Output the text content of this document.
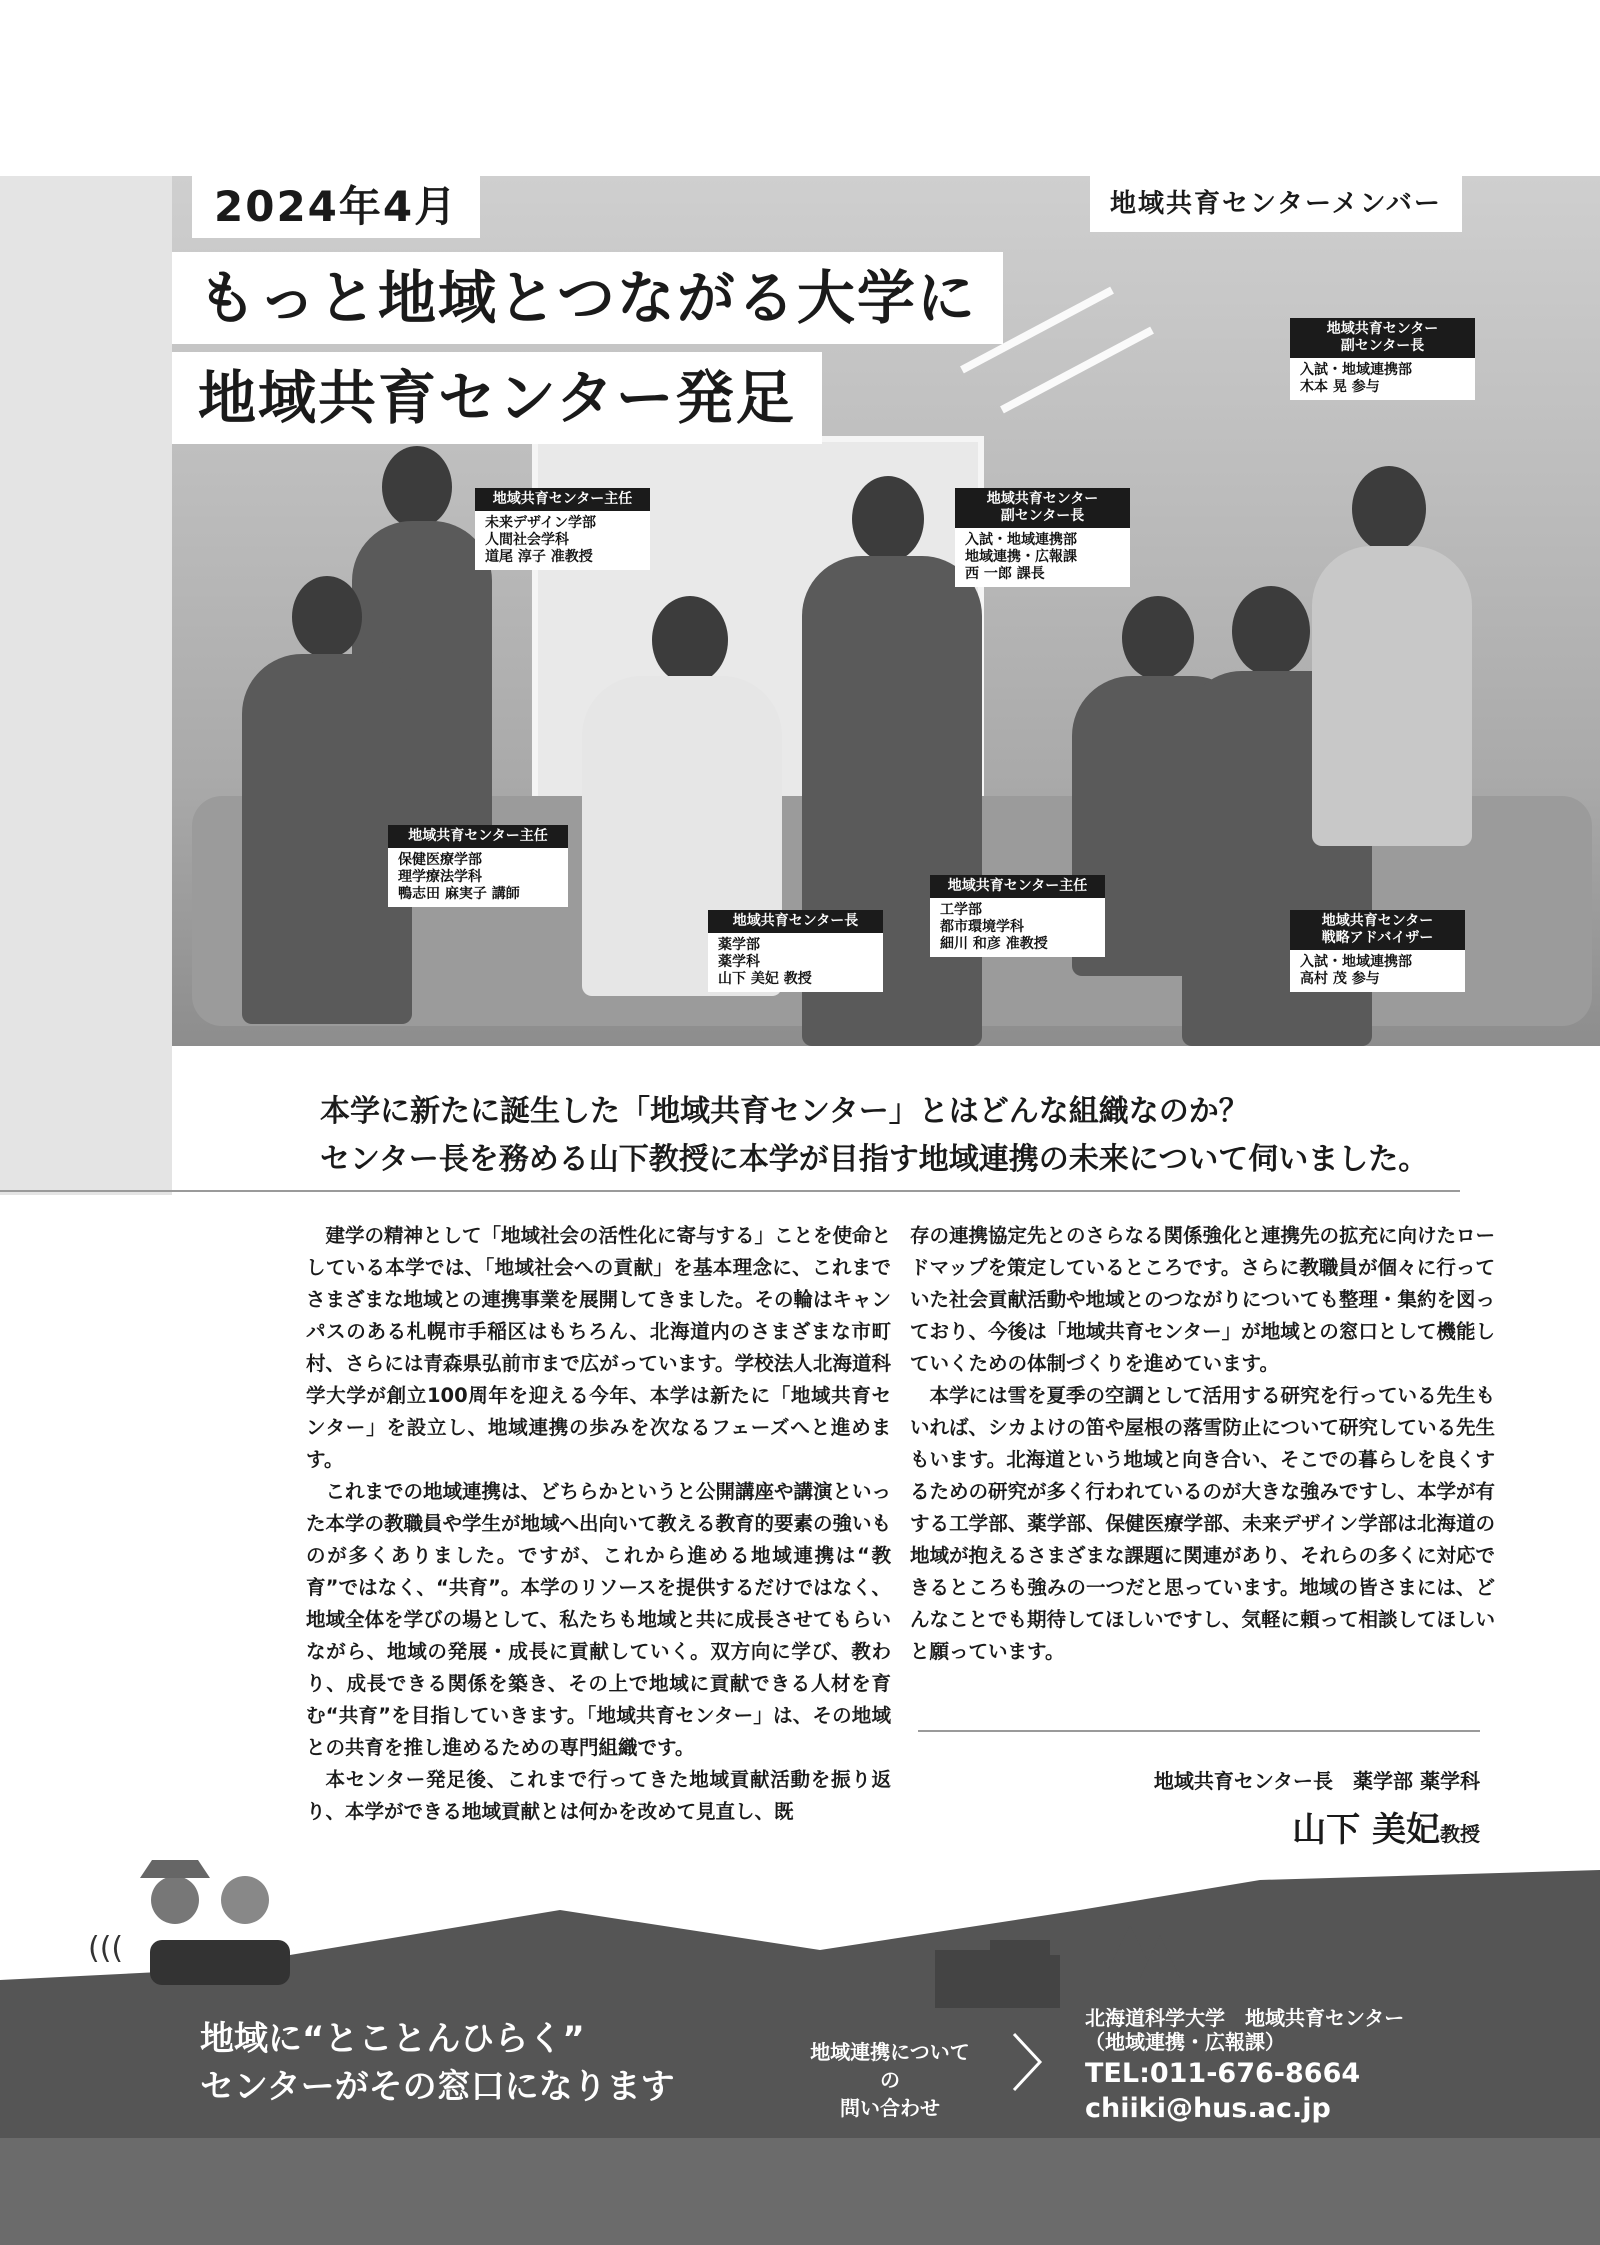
2024年4月
もっと地域とつながる大学に
地域共育センター発足
地域共育センターメンバー
地域共育センター
副センター長
入試・地域連携部
木本 晃 参与
地域共育センター主任
未来デザイン学部
人間社会学科
道尾 淳子 准教授
地域共育センター
副センター長
入試・地域連携部
地域連携・広報課
西 一郎 課長
地域共育センター主任
保健医療学部
理学療法学科
鴨志田 麻実子 講師
地域共育センター長
薬学部
薬学科
山下 美妃 教授
地域共育センター主任
工学部
都市環境学科
細川 和彦 准教授
地域共育センター
戦略アドバイザー
入試・地域連携部
高村 茂 参与
本学に新たに誕生した「地域共育センター」とはどんな組織なのか？
センター長を務める山下教授に本学が目指す地域連携の未来について伺いました。

建学の精神として「地域社会の活性化に寄与する」ことを使命としている本学では、「地域社会への貢献」を基本理念に、これまでさまざまな地域との連携事業を展開してきました。その輪はキャンパスのある札幌市手稲区はもちろん、北海道内のさまざまな市町村、さらには青森県弘前市まで広がっています。学校法人北海道科学大学が創立100周年を迎える今年、本学は新たに「地域共育センター」を設立し、地域連携の歩みを次なるフェーズへと進めます。

これまでの地域連携は、どちらかというと公開講座や講演といった本学の教職員や学生が地域へ出向いて教える教育的要素の強いものが多くありました。ですが、これから進める地域連携は“教育”ではなく、“共育”。本学のリソースを提供するだけではなく、地域全体を学びの場として、私たちも地域と共に成長させてもらいながら、地域の発展・成長に貢献していく。双方向に学び、教わり、成長できる関係を築き、その上で地域に貢献できる人材を育む“共育”を目指していきます。「地域共育センター」は、その地域との共育を推し進めるための専門組織です。

本センター発足後、これまで行ってきた地域貢献活動を振り返り、本学ができる地域貢献とは何かを改めて見直し、既

存の連携協定先とのさらなる関係強化と連携先の拡充に向けたロードマップを策定しているところです。さらに教職員が個々に行っていた社会貢献活動や地域とのつながりについても整理・集約を図っており、今後は「地域共育センター」が地域との窓口として機能していくための体制づくりを進めています。

本学には雪を夏季の空調として活用する研究を行っている先生もいれば、シカよけの笛や屋根の落雪防止について研究している先生もいます。北海道という地域と向き合い、そこでの暮らしを良くするための研究が多く行われているのが大きな強みですし、本学が有する工学部、薬学部、保健医療学部、未来デザイン学部は北海道の地域が抱えるさまざまな課題に関連があり、それらの多くに対応できるところも強みの一つだと思っています。地域の皆さまには、どんなことでも期待してほしいですし、気軽に頼って相談してほしいと願っています。

地域共育センター長　薬学部 薬学科
山下 美妃教授
(((
地域に“とことんひらく”
センターがその窓口になります
地域連携についての
問い合わせ
北海道科学大学　地域共育センター
（地域連携・広報課）
TEL:011-676-8664
chiiki@hus.ac.jp
